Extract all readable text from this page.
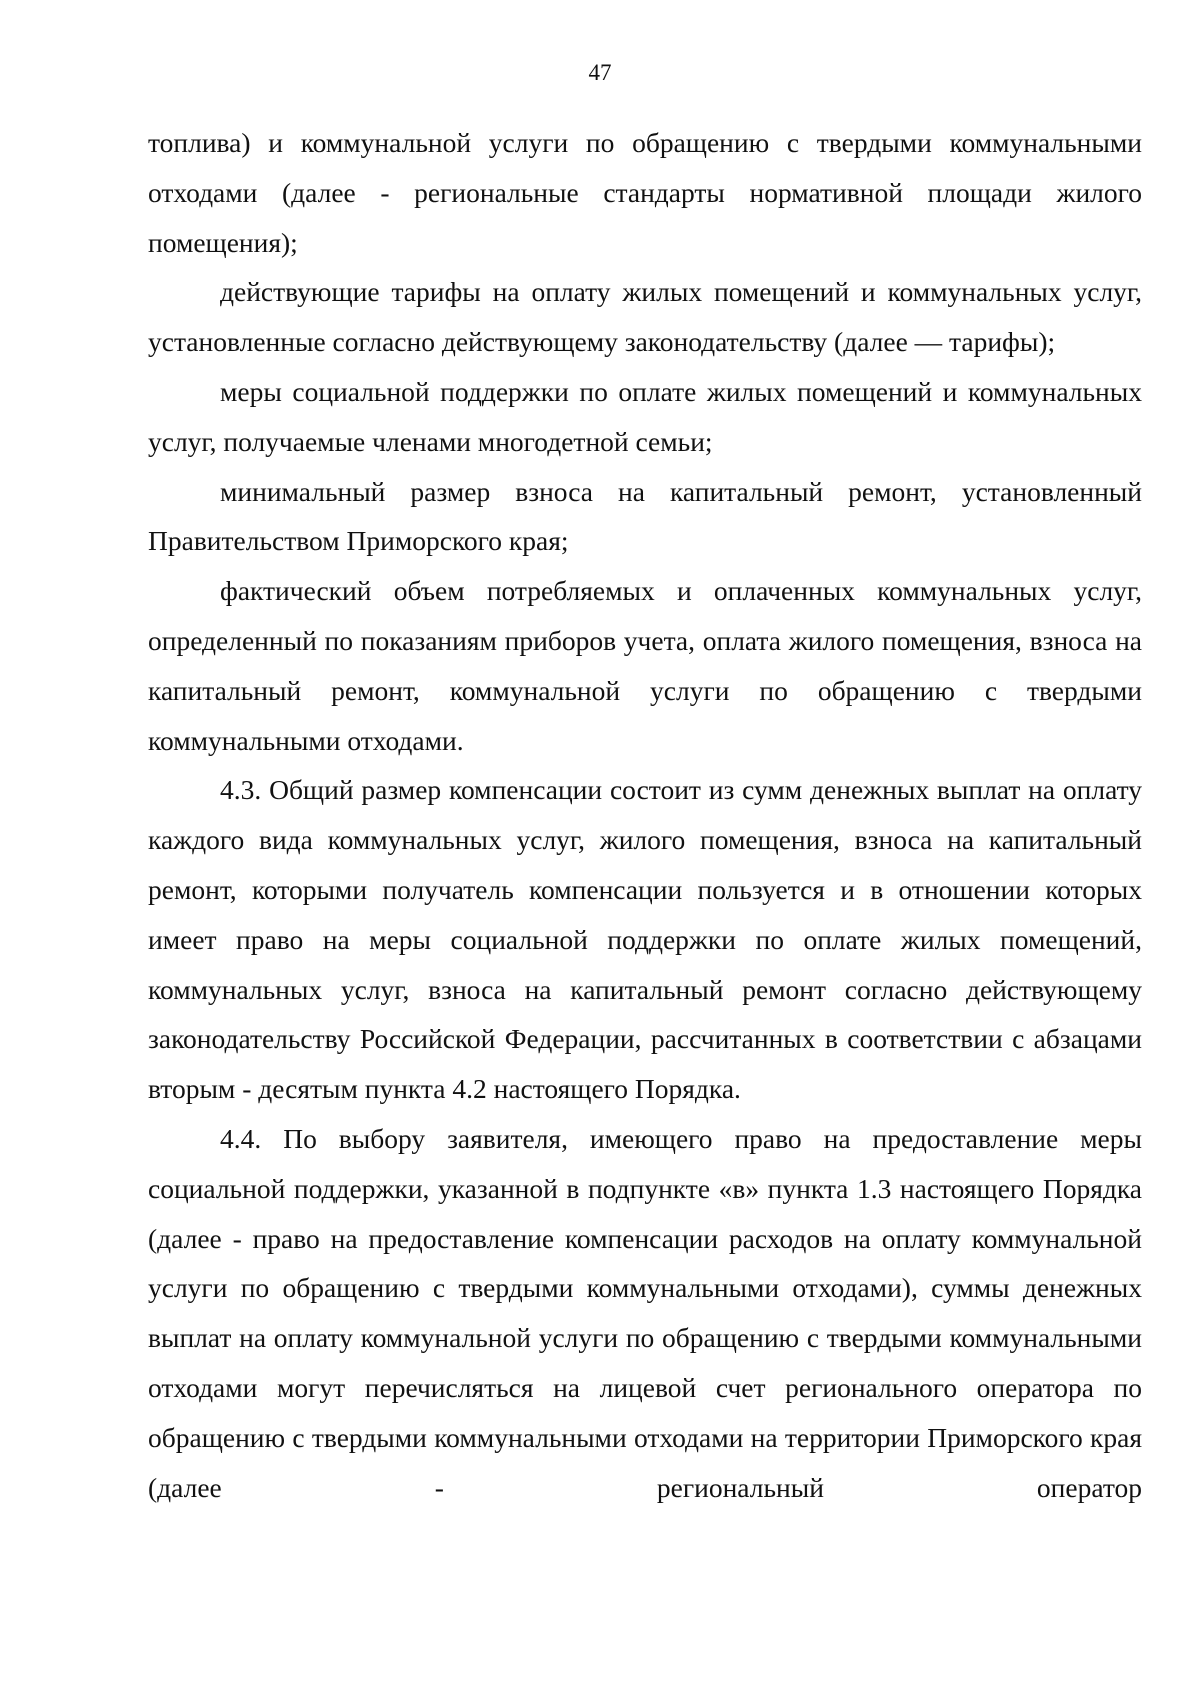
47

топлива) и коммунальной услуги по обращению с твердыми коммунальными отходами (далее - региональные стандарты нормативной площади жилого помещения);

действующие тарифы на оплату жилых помещений и коммунальных услуг, установленные согласно действующему законодательству (далее — тарифы);

меры социальной поддержки по оплате жилых помещений и коммунальных услуг, получаемые членами многодетной семьи;

минимальный размер взноса на капитальный ремонт, установленный Правительством Приморского края;

фактический объем потребляемых и оплаченных коммунальных услуг, определенный по показаниям приборов учета, оплата жилого помещения, взноса на капитальный ремонт, коммунальной услуги по обращению с твердыми коммунальными отходами.

4.3. Общий размер компенсации состоит из сумм денежных выплат на оплату каждого вида коммунальных услуг, жилого помещения, взноса на капитальный ремонт, которыми получатель компенсации пользуется и в отношении которых имеет право на меры социальной поддержки по оплате жилых помещений, коммунальных услуг, взноса на капитальный ремонт согласно действующему законодательству Российской Федерации, рассчитанных в соответствии с абзацами вторым - десятым пункта 4.2 настоящего Порядка.

4.4. По выбору заявителя, имеющего право на предоставление меры социальной поддержки, указанной в подпункте «в» пункта 1.3 настоящего Порядка (далее - право на предоставление компенсации расходов на оплату коммунальной услуги по обращению с твердыми коммунальными отходами), суммы денежных выплат на оплату коммунальной услуги по обращению с твердыми коммунальными отходами могут перечисляться на лицевой счет регионального оператора по обращению с твердыми коммунальными отходами на территории Приморского края (далее - региональный оператор
